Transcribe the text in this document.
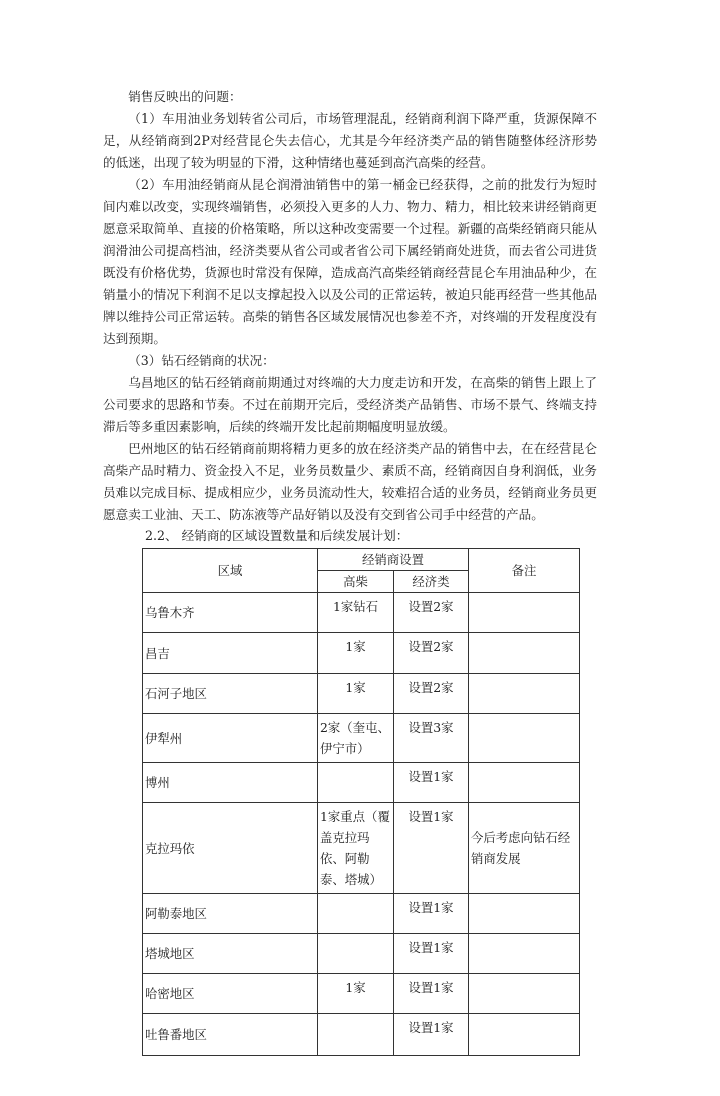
销售反映出的问题：

（1）车用油业务划转省公司后，市场管理混乱，经销商利润下降严重，货源保障不足，从经销商到2P对经营昆仑失去信心，尤其是今年经济类产品的销售随整体经济形势的低迷，出现了较为明显的下滑，这种情绪也蔓延到高汽高柴的经营。

（2）车用油经销商从昆仑润滑油销售中的第一桶金已经获得，之前的批发行为短时间内难以改变，实现终端销售，必须投入更多的人力、物力、精力，相比较来讲经销商更愿意采取简单、直接的价格策略，所以这种改变需要一个过程。新疆的高柴经销商只能从润滑油公司提高档油，经济类要从省公司或者省公司下属经销商处进货，而去省公司进货既没有价格优势，货源也时常没有保障，造成高汽高柴经销商经营昆仑车用油品种少，在销量小的情况下利润不足以支撑起投入以及公司的正常运转，被迫只能再经营一些其他品牌以维持公司正常运转。高柴的销售各区域发展情况也参差不齐，对终端的开发程度没有达到预期。

（3）钻石经销商的状况：

乌昌地区的钻石经销商前期通过对终端的大力度走访和开发，在高柴的销售上跟上了公司要求的思路和节奏。不过在前期开完后，受经济类产品销售、市场不景气、终端支持滞后等多重因素影响，后续的终端开发比起前期幅度明显放缓。

巴州地区的钻石经销商前期将精力更多的放在经济类产品的销售中去，在在经营昆仑高柴产品时精力、资金投入不足，业务员数量少、素质不高，经销商因自身利润低，业务员难以完成目标、提成相应少，业务员流动性大，较难招合适的业务员，经销商业务员更愿意卖工业油、天工、防冻液等产品好销以及没有交到省公司手中经营的产品。

2.2、 经销商的区域设置数量和后续发展计划：

区域	经销商设置		备注
	高柴	经济类	
乌鲁木齐	1家钻石	设置2家	
昌吉	1家	设置2家	
石河子地区	1家	设置2家	
伊犁州	2家（奎屯、伊宁市）	设置3家	
博州		设置1家	
克拉玛依	1家重点（覆盖克拉玛依、阿勒泰、塔城）	设置1家	今后考虑向钻石经销商发展
阿勒泰地区		设置1家	
塔城地区		设置1家	
哈密地区	1家	设置1家	
吐鲁番地区		设置1家	
